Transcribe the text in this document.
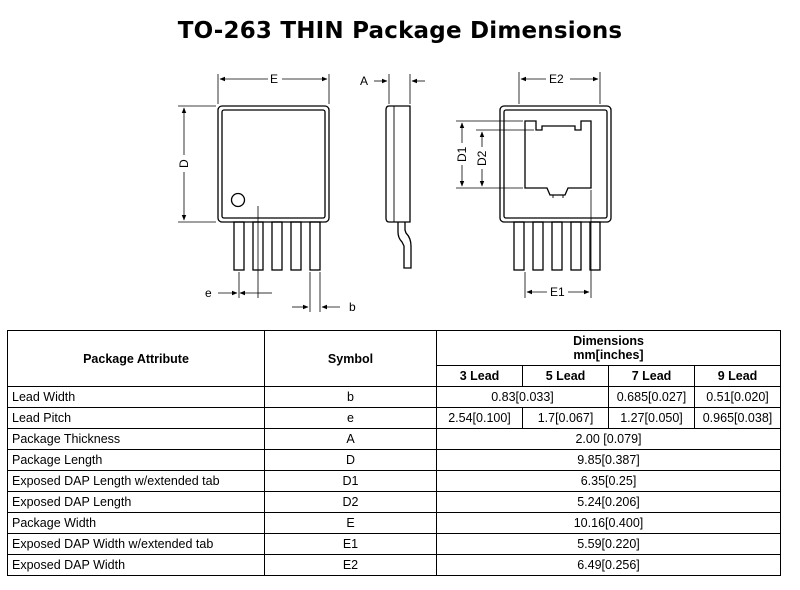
TO-263 THIN Package Dimensions
E
D
e
b
A	E2
E1
D1 D2
Package Attribute	Symbol	Dimensions
mm[inches]			

		3 Lead	5 Lead	7 Lead	9 Lead
Lead Width	b	0.83[0.033]		0.685[0.027]	0.51[0.020]
Lead Pitch	e	2.54[0.100]	1.7[0.067]	1.27[0.050]	0.965[0.038]
Package Thickness	A	2.00 [0.079]			
Package Length	D	9.85[0.387]			
Exposed DAP Length w/extended tab	D1	6.35[0.25]			
Exposed DAP Length	D2	5.24[0.206]			
Package Width	E	10.16[0.400]			
Exposed DAP Width w/extended tab	E1	5.59[0.220]			
Exposed DAP Width	E2	6.49[0.256]			
